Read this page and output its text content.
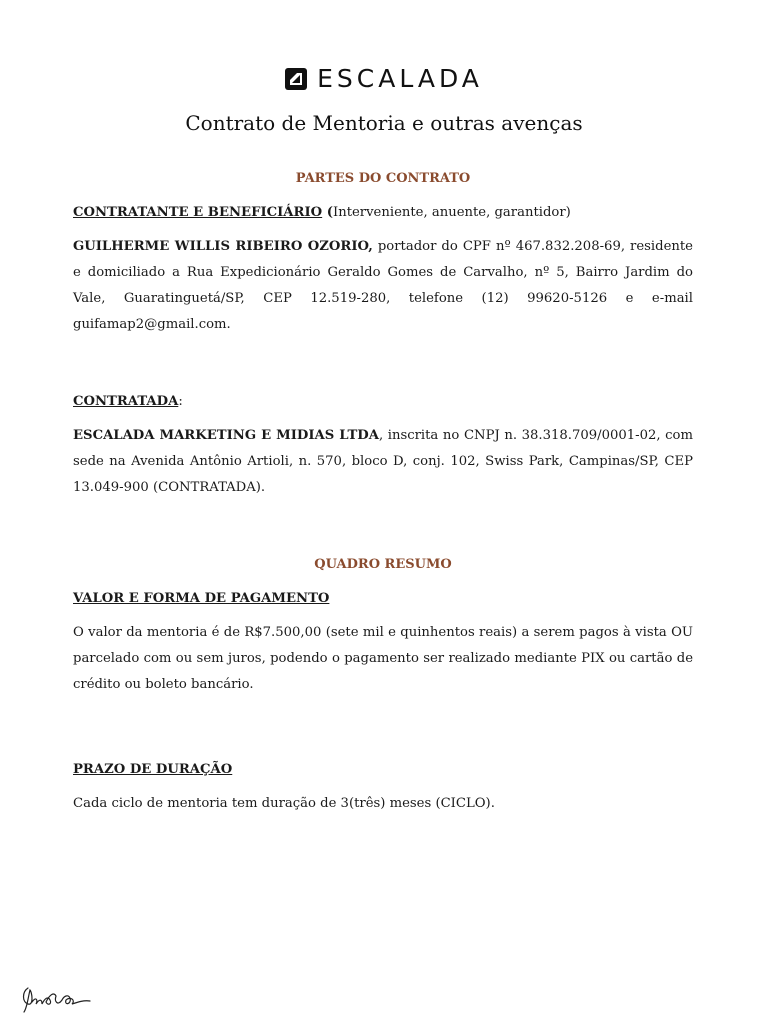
ESCALADA
Contrato de Mentoria e outras avenças

PARTES DO CONTRATO

CONTRATANTE E BENEFICIÁRIO (Interveniente, anuente, garantidor)

GUILHERME WILLIS RIBEIRO OZORIO, portador do CPF nº 467.832.208-69, residente e domiciliado a Rua Expedicionário Geraldo Gomes de Carvalho, nº 5, Bairro Jardim do Vale, Guaratinguetá/SP, CEP 12.519-280, telefone (12) 99620-5126 e e-mail guifamap2@gmail.com.

CONTRATADA:

ESCALADA MARKETING E MIDIAS LTDA, inscrita no CNPJ n. 38.318.709/0001-02, com sede na Avenida Antônio Artioli, n. 570, bloco D, conj. 102, Swiss Park, Campinas/SP, CEP 13.049-900 (CONTRATADA).

QUADRO RESUMO

VALOR E FORMA DE PAGAMENTO

O valor da mentoria é de R$7.500,00 (sete mil e quinhentos reais) a serem pagos à vista OU parcelado com ou sem juros, podendo o pagamento ser realizado mediante PIX ou cartão de crédito ou boleto bancário.

PRAZO DE DURAÇÃO

Cada ciclo de mentoria tem duração de 3(três) meses (CICLO).
